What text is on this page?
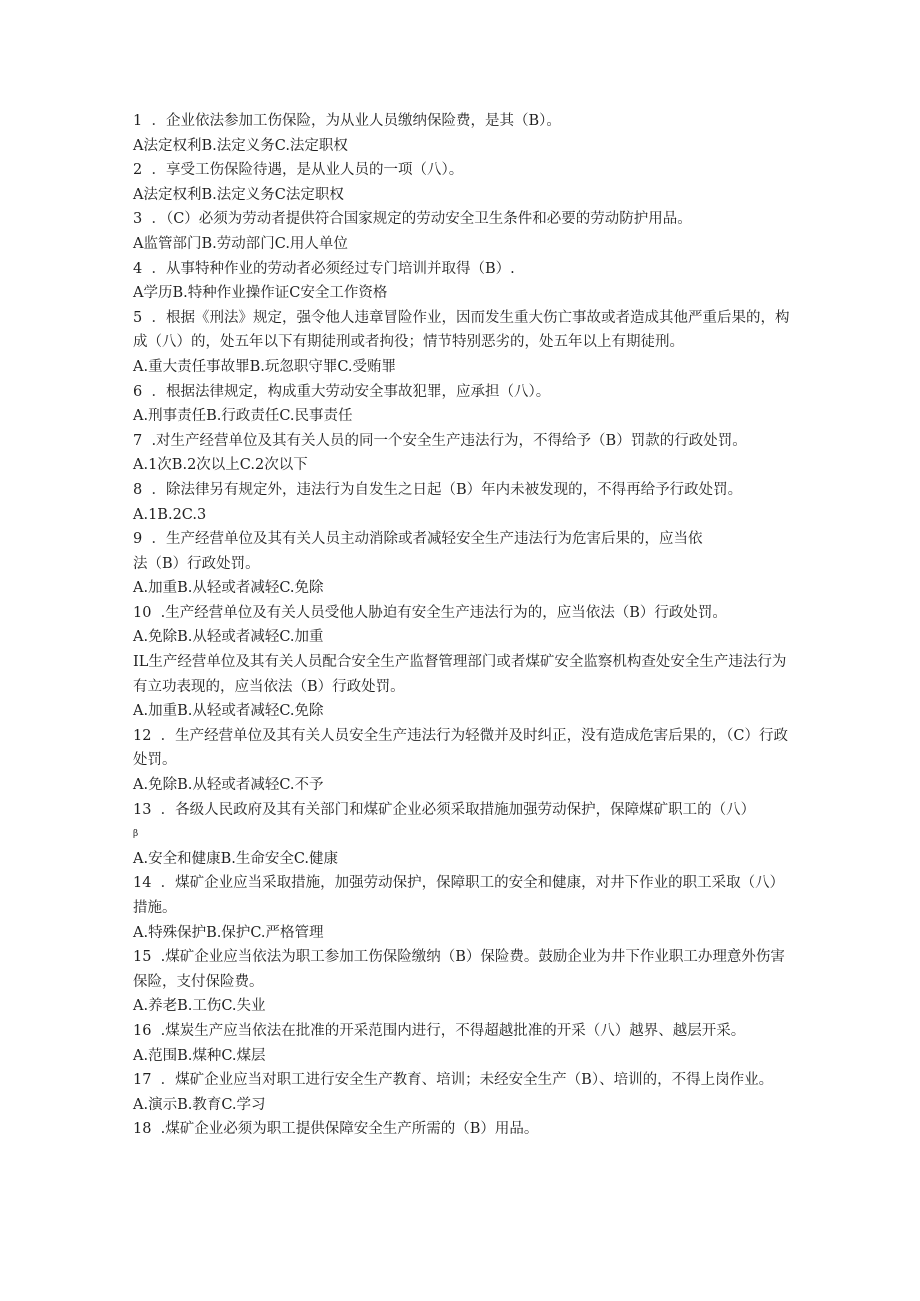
1  ．企业依法参加工伤保险，为从业人员缴纳保险费，是其（B）。
A法定权利B.法定义务C.法定职权
2  ．享受工伤保险待遇，是从业人员的一项（八）。
A法定权利B.法定义务C法定职权
3  ．（C）必须为劳动者提供符合国家规定的劳动安全卫生条件和必要的劳动防护用品。
A监管部门B.劳动部门C.用人单位
4  ．从事特种作业的劳动者必须经过专门培训并取得（B）.
A学历B.特种作业操作证C安全工作资格
5  ．根据《刑法》规定，强令他人违章冒险作业，因而发生重大伤亡事故或者造成其他严重后果的，构成（八）的，处五年以下有期徒刑或者拘役；情节特别恶劣的，处五年以上有期徒刑。
A.重大责任事故罪B.玩忽职守罪C.受贿罪
6  ．根据法律规定，构成重大劳动安全事故犯罪，应承担（八）。
A.刑事责任B.行政责任C.民事责任
7  .对生产经营单位及其有关人员的同一个安全生产违法行为，不得给予（B）罚款的行政处罚。
A.1次B.2次以上C.2次以下
8  ．除法律另有规定外，违法行为自发生之日起（B）年内未被发现的，不得再给予行政处罚。
A.1B.2C.3
9  ．生产经营单位及其有关人员主动消除或者减轻安全生产违法行为危害后果的，应当依
法（B）行政处罚。
A.加重B.从轻或者减轻C.免除
10  .生产经营单位及有关人员受他人胁迫有安全生产违法行为的，应当依法（B）行政处罚。
A.免除B.从轻或者减轻C.加重
IL生产经营单位及其有关人员配合安全生产监督管理部门或者煤矿安全监察机构查处安全生产违法行为有立功表现的，应当依法（B）行政处罚。
A.加重B.从轻或者减轻C.免除
12  ．生产经营单位及其有关人员安全生产违法行为轻微并及时纠正，没有造成危害后果的，（C）行政处罚。
A.免除B.从轻或者减轻C.不予
13  ．各级人民政府及其有关部门和煤矿企业必须采取措施加强劳动保护，保障煤矿职工的（八）
β
A.安全和健康B.生命安全C.健康
14  ．煤矿企业应当采取措施，加强劳动保护，保障职工的安全和健康，对井下作业的职工采取（八）措施。
A.特殊保护B.保护C.严格管理
15  .煤矿企业应当依法为职工参加工伤保险缴纳（B）保险费。鼓励企业为井下作业职工办理意外伤害保险，支付保险费。
A.养老B.工伤C.失业
16  .煤炭生产应当依法在批准的开采范围内进行，不得超越批准的开采（八）越界、越层开采。
A.范围B.煤种C.煤层
17  ．煤矿企业应当对职工进行安全生产教育、培训；未经安全生产（B）、培训的，不得上岗作业。
A.演示B.教育C.学习
18  .煤矿企业必须为职工提供保障安全生产所需的（B）用品。
